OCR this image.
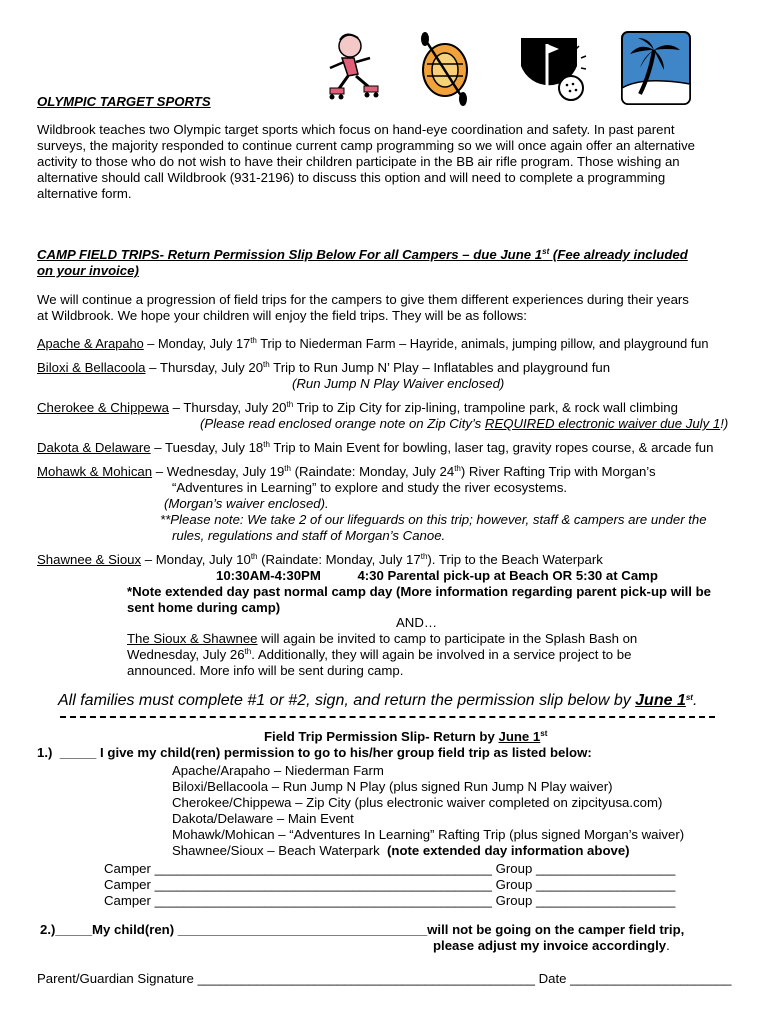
OLYMPIC TARGET SPORTS
Wildbrook teaches two Olympic target sports which focus on hand-eye coordination and safety. In past parent
surveys, the majority responded to continue current camp programming so we will once again offer an alternative
activity to those who do not wish to have their children participate in the BB air rifle program. Those wishing an
alternative should call Wildbrook (931-2196) to discuss this option and will need to complete a programming
alternative form.
CAMP FIELD TRIPS- Return Permission Slip Below For all Campers – due June 1st (Fee already included
on your invoice)
We will continue a progression of field trips for the campers to give them different experiences during their years
at Wildbrook. We hope your children will enjoy the field trips. They will be as follows:
Apache & Arapaho – Monday, July 17th Trip to Niederman Farm – Hayride, animals, jumping pillow, and playground fun
Biloxi & Bellacoola – Thursday, July 20th Trip to Run Jump N’ Play – Inflatables and playground fun
(Run Jump N Play Waiver enclosed)
Cherokee & Chippewa – Thursday, July 20th Trip to Zip City for zip-lining, trampoline park, & rock wall climbing
(Please read enclosed orange note on Zip City’s REQUIRED electronic waiver due July 1!)
Dakota & Delaware – Tuesday, July 18th Trip to Main Event for bowling, laser tag, gravity ropes course, & arcade fun
Mohawk & Mohican – Wednesday, July 19th (Raindate: Monday, July 24th) River Rafting Trip with Morgan’s
“Adventures in Learning” to explore and study the river ecosystems.
(Morgan’s waiver enclosed).
**Please note: We take 2 of our lifeguards on this trip; however, staff & campers are under the
rules, regulations and staff of Morgan’s Canoe.
Shawnee & Sioux – Monday, July 10th (Raindate: Monday, July 17th). Trip to the Beach Waterpark
10:30AM-4:30PM          4:30 Parental pick-up at Beach OR 5:30 at Camp
*Note extended day past normal camp day (More information regarding parent pick-up will be
sent home during camp)
AND…
The Sioux & Shawnee will again be invited to camp to participate in the Splash Bash on
Wednesday, July 26th. Additionally, they will again be involved in a service project to be
announced. More info will be sent during camp.
All families must complete #1 or #2, sign, and return the permission slip below by June 1st.
Field Trip Permission Slip- Return by June 1st
1.)  _____ I give my child(ren) permission to go to his/her group field trip as listed below:
Apache/Arapaho – Niederman Farm
Biloxi/Bellacoola – Run Jump N Play (plus signed Run Jump N Play waiver)
Cherokee/Chippewa – Zip City (plus electronic waiver completed on zipcityusa.com)
Dakota/Delaware – Main Event
Mohawk/Mohican – “Adventures In Learning” Rafting Trip (plus signed Morgan’s waiver)
Shawnee/Sioux – Beach Waterpark  (note extended day information above)
Camper ______________________________________________ Group ___________________
Camper ______________________________________________ Group ___________________
Camper ______________________________________________ Group ___________________
2.)_____My child(ren) __________________________________will not be going on the camper field trip,
please adjust my invoice accordingly.
Parent/Guardian Signature ______________________________________________ Date ______________________
